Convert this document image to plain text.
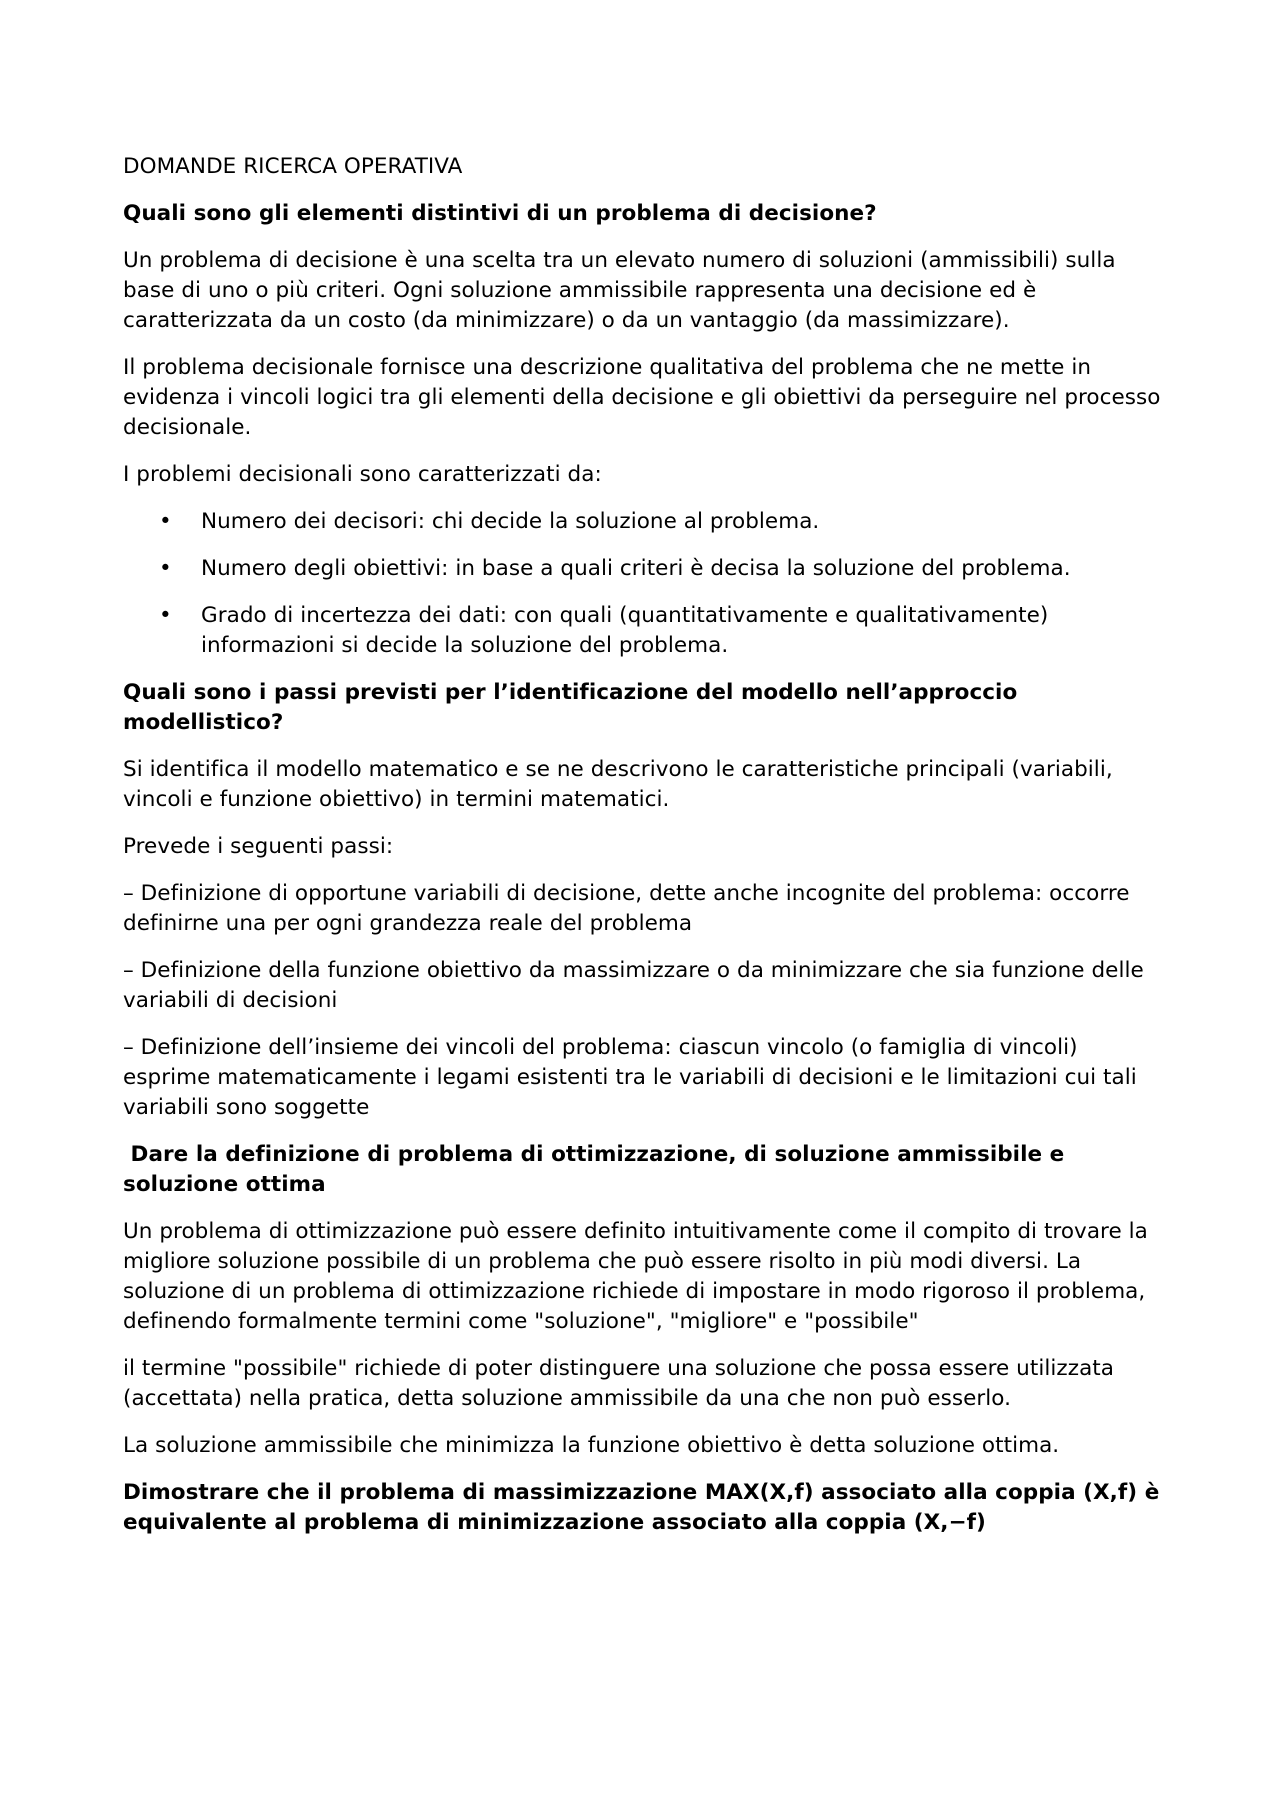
DOMANDE RICERCA OPERATIVA

Quali sono gli elementi distintivi di un problema di decisione?

Un problema di decisione è una scelta tra un elevato numero di soluzioni (ammissibili) sulla base di uno o più criteri. Ogni soluzione ammissibile rappresenta una decisione ed è caratterizzata da un costo (da minimizzare) o da un vantaggio (da massimizzare).

Il problema decisionale fornisce una descrizione qualitativa del problema che ne mette in evidenza i vincoli logici tra gli elementi della decisione e gli obiettivi da perseguire nel processo decisionale.

I problemi decisionali sono caratterizzati da:

• Numero dei decisori: chi decide la soluzione al problema.
• Numero degli obiettivi: in base a quali criteri è decisa la soluzione del problema.
• Grado di incertezza dei dati: con quali (quantitativamente e qualitativamente) informazioni si decide la soluzione del problema.

Quali sono i passi previsti per l’identificazione del modello nell’approccio modellistico?

Si identifica il modello matematico e se ne descrivono le caratteristiche principali (variabili, vincoli e funzione obiettivo) in termini matematici.

Prevede i seguenti passi:

– Definizione di opportune variabili di decisione, dette anche incognite del problema: occorre definirne una per ogni grandezza reale del problema

– Definizione della funzione obiettivo da massimizzare o da minimizzare che sia funzione delle variabili di decisioni

– Definizione dell’insieme dei vincoli del problema: ciascun vincolo (o famiglia di vincoli) esprime matematicamente i legami esistenti tra le variabili di decisioni e le limitazioni cui tali variabili sono soggette

Dare la definizione di problema di ottimizzazione, di soluzione ammissibile e soluzione ottima

Un problema di ottimizzazione può essere definito intuitivamente come il compito di trovare la migliore soluzione possibile di un problema che può essere risolto in più modi diversi. La soluzione di un problema di ottimizzazione richiede di impostare in modo rigoroso il problema, definendo formalmente termini come "soluzione", "migliore" e "possibile"

il termine "possibile" richiede di poter distinguere una soluzione che possa essere utilizzata (accettata) nella pratica, detta soluzione ammissibile da una che non può esserlo.

La soluzione ammissibile che minimizza la funzione obiettivo è detta soluzione ottima.

Dimostrare che il problema di massimizzazione MAX(X,f) associato alla coppia (X,f) è equivalente al problema di minimizzazione associato alla coppia (X,−f)
